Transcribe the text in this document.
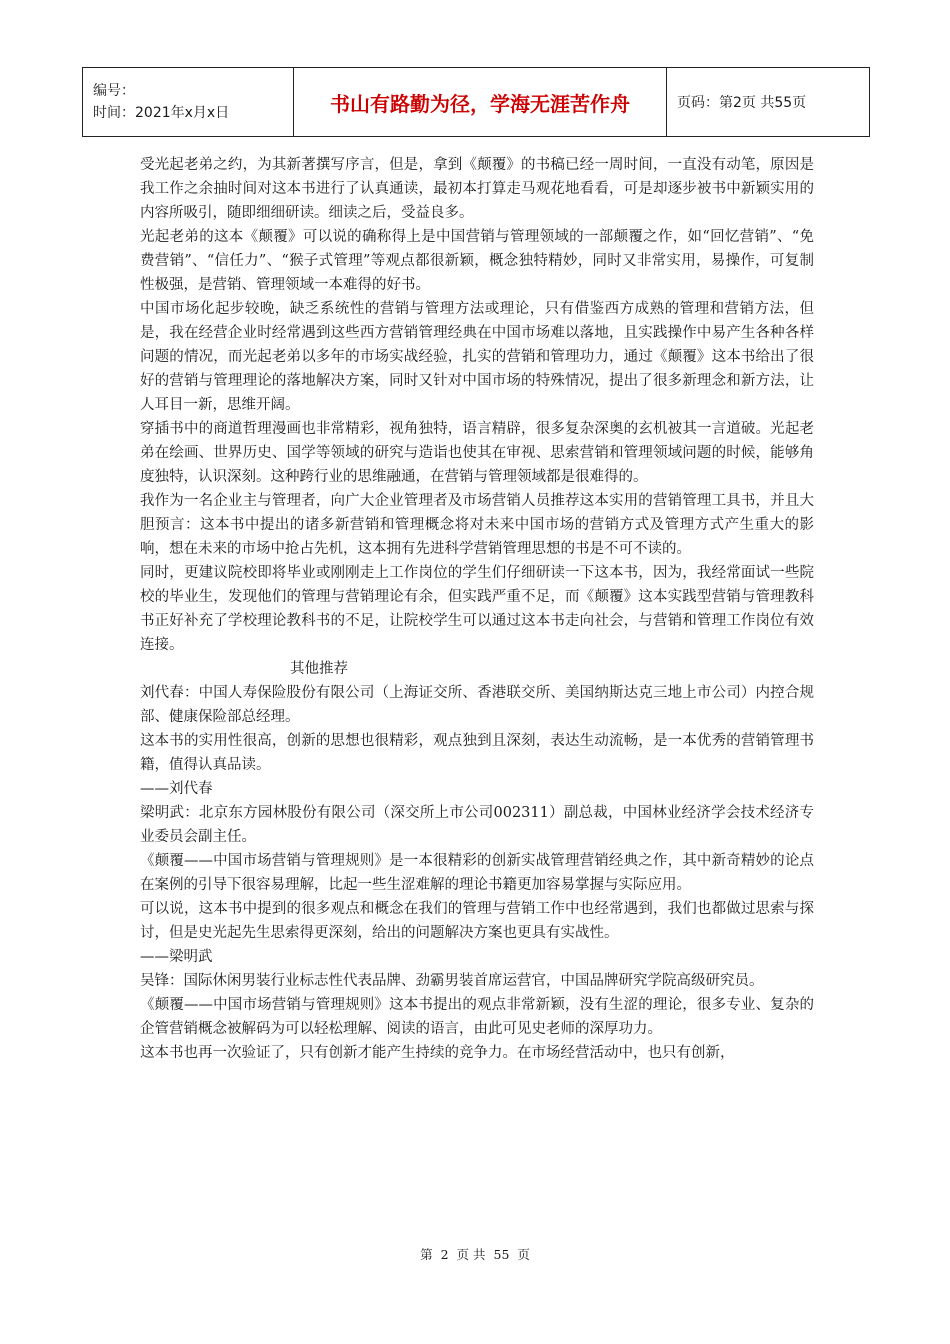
编号：
时间：2021年x月x日	书山有路勤为径，学海无涯苦作舟	页码：第2页 共55页

受光起老弟之约，为其新著撰写序言，但是，拿到《颠覆》的书稿已经一周时间，一直没有动笔，原因是我工作之余抽时间对这本书进行了认真通读，最初本打算走马观花地看看，可是却逐步被书中新颖实用的内容所吸引，随即细细研读。细读之后，受益良多。

光起老弟的这本《颠覆》可以说的确称得上是中国营销与管理领域的一部颠覆之作，如“回忆营销”、“免费营销”、“信任力”、“猴子式管理”等观点都很新颖，概念独特精妙，同时又非常实用，易操作，可复制性极强，是营销、管理领域一本难得的好书。

中国市场化起步较晚，缺乏系统性的营销与管理方法或理论，只有借鉴西方成熟的管理和营销方法，但是，我在经营企业时经常遇到这些西方营销管理经典在中国市场难以落地，且实践操作中易产生各种各样问题的情况，而光起老弟以多年的市场实战经验，扎实的营销和管理功力，通过《颠覆》这本书给出了很好的营销与管理理论的落地解决方案，同时又针对中国市场的特殊情况，提出了很多新理念和新方法，让人耳目一新，思维开阔。

穿插书中的商道哲理漫画也非常精彩，视角独特，语言精辟，很多复杂深奥的玄机被其一言道破。光起老弟在绘画、世界历史、国学等领域的研究与造诣也使其在审视、思索营销和管理领域问题的时候，能够角度独特，认识深刻。这种跨行业的思维融通，在营销与管理领域都是很难得的。

我作为一名企业主与管理者，向广大企业管理者及市场营销人员推荐这本实用的营销管理工具书，并且大胆预言：这本书中提出的诸多新营销和管理概念将对未来中国市场的营销方式及管理方式产生重大的影响，想在未来的市场中抢占先机，这本拥有先进科学营销管理思想的书是不可不读的。

同时，更建议院校即将毕业或刚刚走上工作岗位的学生们仔细研读一下这本书，因为，我经常面试一些院校的毕业生，发现他们的管理与营销理论有余，但实践严重不足，而《颠覆》这本实践型营销与管理教科书正好补充了学校理论教科书的不足，让院校学生可以通过这本书走向社会，与营销和管理工作岗位有效连接。

其他推荐

刘代春：中国人寿保险股份有限公司（上海证交所、香港联交所、美国纳斯达克三地上市公司）内控合规部、健康保险部总经理。

这本书的实用性很高，创新的思想也很精彩，观点独到且深刻，表达生动流畅，是一本优秀的营销管理书籍，值得认真品读。

——刘代春

梁明武：北京东方园林股份有限公司（深交所上市公司002311）副总裁，中国林业经济学会技术经济专业委员会副主任。

《颠覆——中国市场营销与管理规则》是一本很精彩的创新实战管理营销经典之作，其中新奇精妙的论点在案例的引导下很容易理解，比起一些生涩难解的理论书籍更加容易掌握与实际应用。

可以说，这本书中提到的很多观点和概念在我们的管理与营销工作中也经常遇到，我们也都做过思索与探讨，但是史光起先生思索得更深刻，给出的问题解决方案也更具有实战性。

——梁明武

吴锋：国际休闲男装行业标志性代表品牌、劲霸男装首席运营官，中国品牌研究学院高级研究员。

《颠覆——中国市场营销与管理规则》这本书提出的观点非常新颖，没有生涩的理论，很多专业、复杂的企管营销概念被解码为可以轻松理解、阅读的语言，由此可见史老师的深厚功力。

这本书也再一次验证了，只有创新才能产生持续的竞争力。在市场经营活动中，也只有创新，

第 2 页 共 55 页
